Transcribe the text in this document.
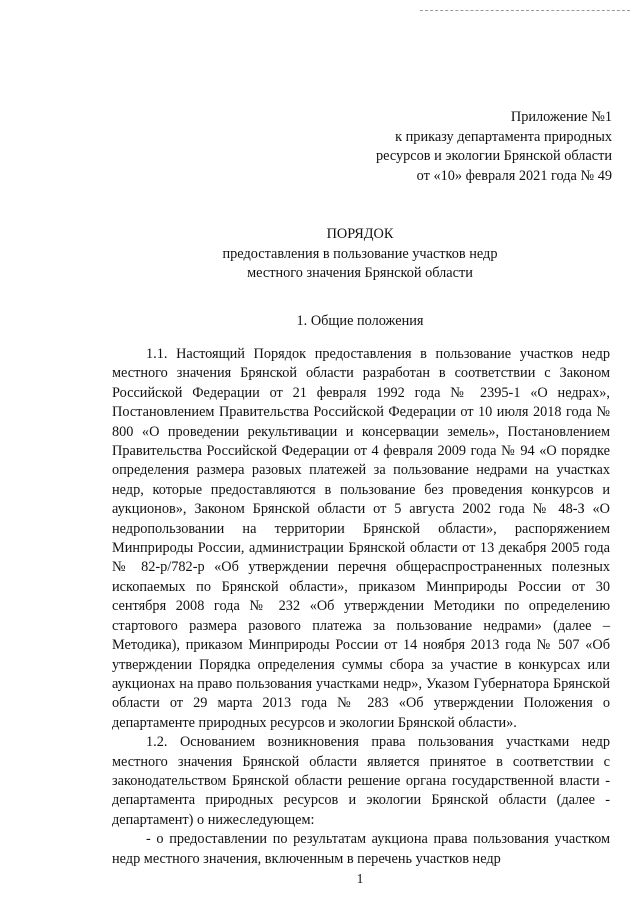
Приложение №1
к приказу департамента природных
ресурсов и экологии Брянской области
от «10» февраля 2021 года № 49
ПОРЯДОК
предоставления в пользование участков недр
местного значения Брянской области
1. Общие положения

1.1. Настоящий Порядок предоставления в пользование участков недр местного значения Брянской области разработан в соответствии с Законом Российской Федерации от 21 февраля 1992 года № 2395-1 «О недрах», Постановлением Правительства Российской Федерации от 10 июля 2018 года № 800 «О проведении рекультивации и консервации земель», Постановлением Правительства Российской Федерации от 4 февраля 2009 года № 94 «О порядке определения размера разовых платежей за пользование недрами на участках недр, которые предоставляются в пользование без проведения конкурсов и аукционов», Законом Брянской области от 5 августа 2002 года № 48-З «О недропользовании на территории Брянской области», распоряжением Минприроды России, администрации Брянской области от 13 декабря 2005 года № 82-р/782-р «Об утверждении перечня общераспространенных полезных ископаемых по Брянской области», приказом Минприроды России от 30 сентября 2008 года № 232 «Об утверждении Методики по определению стартового размера разового платежа за пользование недрами» (далее – Методика), приказом Минприроды России от 14 ноября 2013 года № 507 «Об утверждении Порядка определения суммы сбора за участие в конкурсах или аукционах на право пользования участками недр», Указом Губернатора Брянской области от 29 марта 2013 года № 283 «Об утверждении Положения о департаменте природных ресурсов и экологии Брянской области».

1.2. Основанием возникновения права пользования участками недр местного значения Брянской области является принятое в соответствии с законодательством Брянской области решение органа государственной власти - департамента природных ресурсов и экологии Брянской области (далее - департамент) о нижеследующем:

- о предоставлении по результатам аукциона права пользования участком недр местного значения, включенным в перечень участков недр

1
